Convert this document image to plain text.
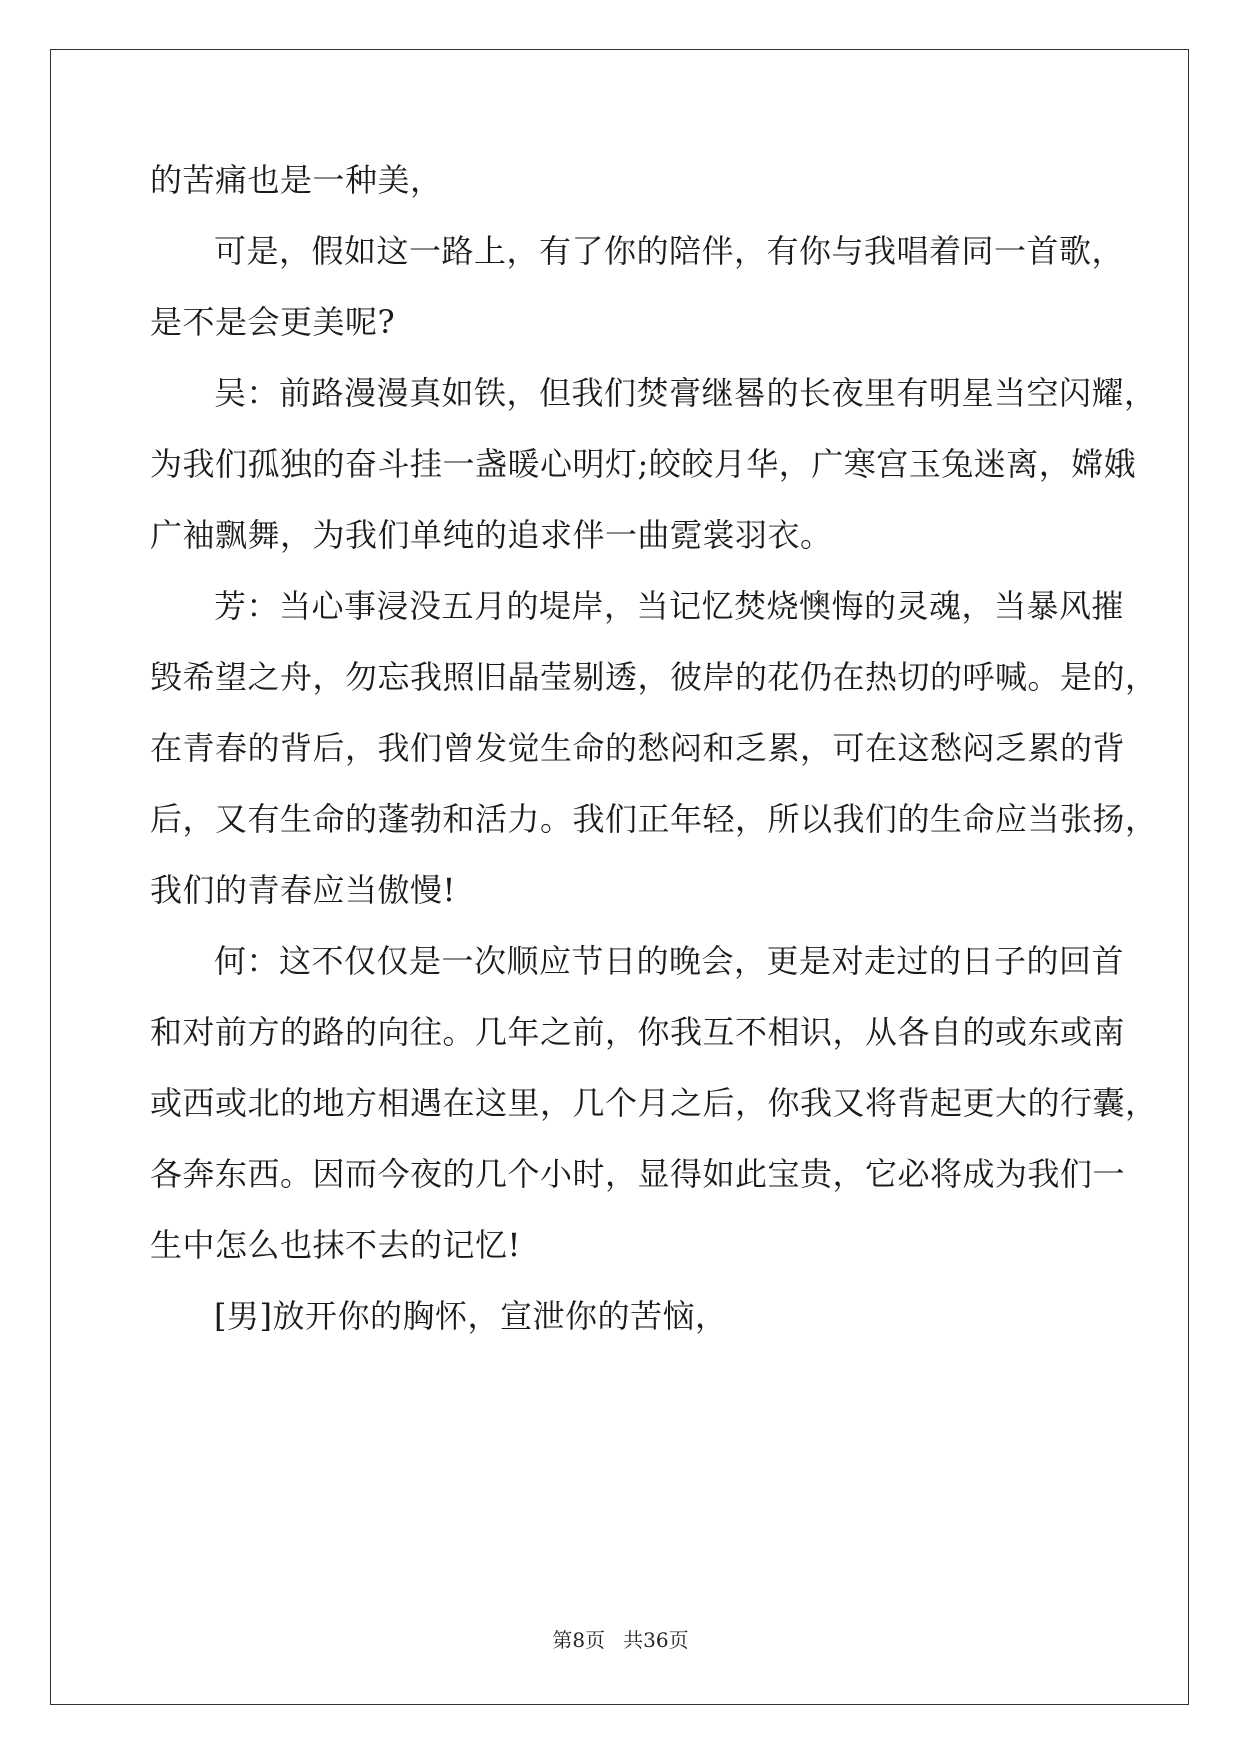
的苦痛也是一种美，

可是，假如这一路上，有了你的陪伴，有你与我唱着同一首歌，

是不是会更美呢?

吴：前路漫漫真如铁，但我们焚膏继晷的长夜里有明星当空闪耀，

为我们孤独的奋斗挂一盏暖心明灯;皎皎月华，广寒宫玉兔迷离，嫦娥

广袖飘舞，为我们单纯的追求伴一曲霓裳羽衣。

芳：当心事浸没五月的堤岸，当记忆焚烧懊悔的灵魂，当暴风摧

毁希望之舟，勿忘我照旧晶莹剔透，彼岸的花仍在热切的呼喊。是的，

在青春的背后，我们曾发觉生命的愁闷和乏累，可在这愁闷乏累的背

后，又有生命的蓬勃和活力。我们正年轻，所以我们的生命应当张扬，

我们的青春应当傲慢!

何：这不仅仅是一次顺应节日的晚会，更是对走过的日子的回首

和对前方的路的向往。几年之前，你我互不相识，从各自的或东或南

或西或北的地方相遇在这里，几个月之后，你我又将背起更大的行囊，

各奔东西。因而今夜的几个小时，显得如此宝贵，它必将成为我们一

生中怎么也抹不去的记忆!

[男]放开你的胸怀，宣泄你的苦恼，

第8页 共36页
